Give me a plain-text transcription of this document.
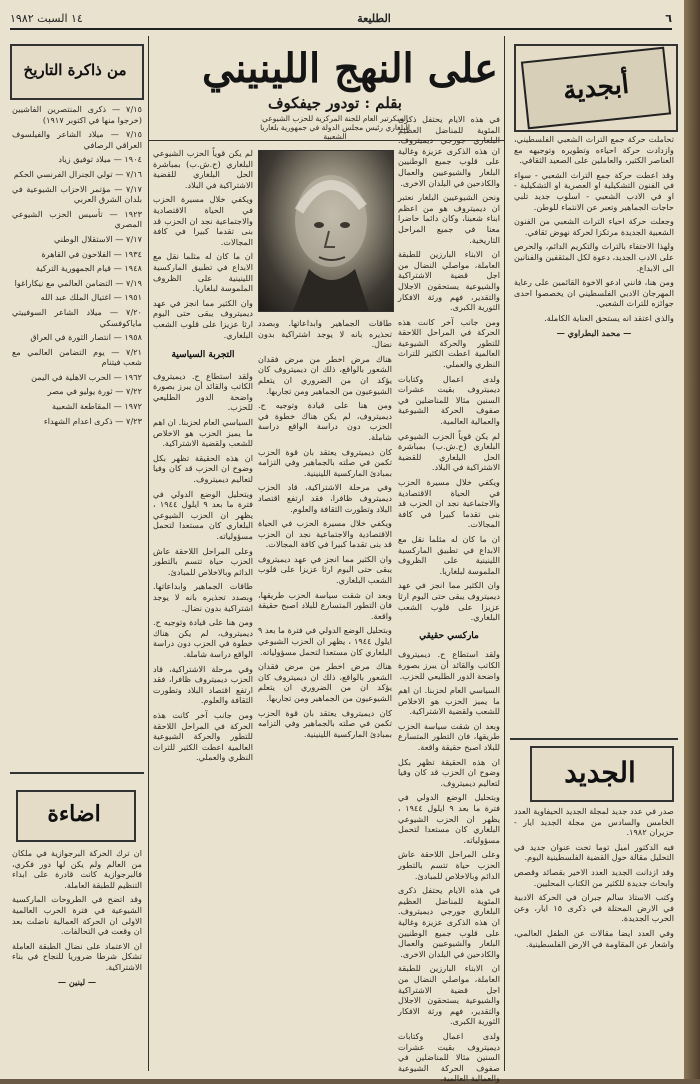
٦
الطليعة
١٤ السبت ١٩٨٢
أبجدية

تحاملت حركة جمع التراث الشعبي الفلسطيني، وازدادت حركة احياءه وتطويره وتوجيهه مع العناصر الكثير، والعاملين على الصعيد الثقافي.

وقد اعطت حركة جمع التراث الشعبي - سواء في الفنون التشكيلية او العصرية او التشكيلية - او في الادب الشعبي - اسلوب جديد تلبي حاجات الجماهير وتعبر عن الانتماء للوطن.

وجعلت حركة احياء التراث الشعبي من الفنون الشعبية الجديدة مرتكزا لحركة نهوض ثقافي.

ولهذا الاحتفاء بالتراث والتكريم الدائم، والحرص على الادب الجديد، دعوة لكل المثقفين والفنانين الى الابداع.

ومن هنا، فانني ادعو الاخوة القائمين على رعاية المهرجان الادبي الفلسطيني ان يخصصوا احدى جوائزه للتراث الشعبي.

والذي اعتقد انه يستحق العناية الكاملة.

— محمد البطراوي —

الجديد

صدر في عدد جديد لمجلة الجديد الحيفاوية العدد الخامس والسادس من مجلة الجديد ايار - حزيران ١٩٨٢.

فيه الدكتور اميل توما تحت عنوان جديد في التحليل مقالة حول القضية الفلسطينية اليوم.

وقد ازدانت الجديد العدد الاخير بقصائد وقصص وابحاث جديدة للكثير من الكتاب المحليين.

وكتب الاستاذ سالم جبران في الحركة الادبية في الارض المحتلة في ذكرى ١٥ ايار، وعن الحرب الجديدة.

وفي العدد ايضا مقالات عن الطفل العالمي، واشعار عن المقاومة في الارض الفلسطينية.

على النهج اللينيني
بقلم : تودور جيفكوف
السكرتير العام للجنة المركزية للحزب الشيوعي البلغاري رئيس مجلس الدولة في جمهورية بلغاريا الشعبية

في هذه الايام يحتفل ذكرى المئوية للمناضل العظيم البلغاري جورجي ديميتروف. ان هذه الذكرى عزيزة وغالية على قلوب جميع الوطنيين البلغار والشيوعيين والعمال والكادحين في البلدان الاخرى.

ونحن الشيوعيين البلغار نعتبر ان ديميتروف هو من اعظم ابناء شعبنا، وكان دائما حاضرا معنا في جميع المراحل التاريخية.

ان الابناء البارزين للطبقة العاملة، مواصلي النضال من اجل قضية الاشتراكية والشيوعية يستحقون الاجلال والتقدير، فهم ورثة الافكار الثورية الكبرى.

ومن جانب آخر كانت هذه الحركة في المراحل اللاحقة للتطور والحركة الشيوعية العالمية اعطت الكثير للتراث النظري والعملي.

ولدى اعمال وكتابات ديميتروف بقيت عشرات السنين مثالا للمناضلين في صفوف الحركة الشيوعية والعمالية العالمية.

لم يكن قوياً الحزب الشيوعي البلغاري (ح.ش.ب) بمباشرة الحل البلغاري للقضية الاشتراكية في البلاد.

ويكفي خلال مسيرة الحزب في الحياة الاقتصادية والاجتماعية نجد ان الحزب قد بنى تقدما كبيرا في كافة المجالات.

ان ما كان له مثلما نقل مع الابداع في تطبيق الماركسية اللينينية على الظروف الملموسة لبلغاريا.

وان الكثير مما انجز في عهد ديميتروف يبقى حتى اليوم ارثا عزيزا على قلوب الشعب البلغاري.

ماركسي حقيقي

ولقد استطاع ح. ديميتروف الكاتب والقائد أن يبرز بصورة واضحة الدور الطليعي للحزب.

السياسي العام لحزبنا. ان اهم ما يميز الحزب هو الاخلاص للشعب ولقضية الاشتراكية.

وبعد ان شقت سياسة الحزب طريقها، فان التطور المتسارع للبلاد اصبح حقيقة واقعة.

ان هذه الحقيقة تظهر بكل وضوح ان الحزب قد كان وفيا لتعاليم ديميتروف.

وبتحليل الوضع الدولي في فترة ما بعد ٩ ايلول ١٩٤٤ ، يظهر ان الحزب الشيوعي البلغاري كان مستعدا لتحمل مسؤولياته.

وعلى المراحل اللاحقة عاش الحزب حياة تتسم بالتطور الدائم وبالاخلاص للمبادئ.

في هذه الايام يحتفل ذكرى المئوية للمناضل العظيم البلغاري جورجي ديميتروف. ان هذه الذكرى عزيزة وغالية على قلوب جميع الوطنيين البلغار والشيوعيين والعمال والكادحين في البلدان الاخرى.

ان الابناء البارزين للطبقة العاملة، مواصلي النضال من اجل قضية الاشتراكية والشيوعية يستحقون الاجلال والتقدير، فهم ورثة الافكار الثورية الكبرى.

ولدى اعمال وكتابات ديميتروف بقيت عشرات السنين مثالا للمناضلين في صفوف الحركة الشيوعية والعمالية العالمية.

طاقات الجماهير وابداعاتها. وبصدد تحذيره بانه لا يوجد اشتراكية بدون نضال.

هناك مرض اخطر من مرض فقدان الشعور بالواقع، ذلك ان ديميتروف كان يؤكد ان من الضروري ان يتعلم الشيوعيون من الجماهير ومن تجاربها.

ومن هنا على قيادة وتوجيه ح. ديميتروف، لم يكن هناك خطوة في الحزب دون دراسة الواقع دراسة شاملة.

كان ديميتروف يعتقد بان قوة الحزب تكمن في صلته بالجماهير وفي التزامه بمبادئ الماركسية اللينينية.

وفي مرحلة الاشتراكية، قاد الحزب ديميتروف ظافرا، فقد ارتفع اقتصاد البلاد وتطورت الثقافة والعلوم.

ويكفي خلال مسيرة الحزب في الحياة الاقتصادية والاجتماعية نجد ان الحزب قد بنى تقدما كبيرا في كافة المجالات.

وان الكثير مما انجز في عهد ديميتروف يبقى حتى اليوم ارثا عزيزا على قلوب الشعب البلغاري.

وبعد ان شقت سياسة الحزب طريقها، فان التطور المتسارع للبلاد اصبح حقيقة واقعة.

وبتحليل الوضع الدولي في فترة ما بعد ٩ ايلول ١٩٤٤ ، يظهر ان الحزب الشيوعي البلغاري كان مستعدا لتحمل مسؤولياته.

هناك مرض اخطر من مرض فقدان الشعور بالواقع، ذلك ان ديميتروف كان يؤكد ان من الضروري ان يتعلم الشيوعيون من الجماهير ومن تجاربها.

كان ديميتروف يعتقد بان قوة الحزب تكمن في صلته بالجماهير وفي التزامه بمبادئ الماركسية اللينينية.

لم يكن قوياً الحزب الشيوعي البلغاري (ح.ش.ب) بمباشرة الحل البلغاري للقضية الاشتراكية في البلاد.

ويكفي خلال مسيرة الحزب في الحياة الاقتصادية والاجتماعية نجد ان الحزب قد بنى تقدما كبيرا في كافة المجالات.

ان ما كان له مثلما نقل مع الابداع في تطبيق الماركسية اللينينية على الظروف الملموسة لبلغاريا.

وان الكثير مما انجز في عهد ديميتروف يبقى حتى اليوم ارثا عزيزا على قلوب الشعب البلغاري.

التجربة السياسية

ولقد استطاع ح. ديميتروف الكاتب والقائد أن يبرز بصورة واضحة الدور الطليعي للحزب.

السياسي العام لحزبنا. ان اهم ما يميز الحزب هو الاخلاص للشعب ولقضية الاشتراكية.

ان هذه الحقيقة تظهر بكل وضوح ان الحزب قد كان وفيا لتعاليم ديميتروف.

وبتحليل الوضع الدولي في فترة ما بعد ٩ ايلول ١٩٤٤ ، يظهر ان الحزب الشيوعي البلغاري كان مستعدا لتحمل مسؤولياته.

وعلى المراحل اللاحقة عاش الحزب حياة تتسم بالتطور الدائم وبالاخلاص للمبادئ.

طاقات الجماهير وابداعاتها. وبصدد تحذيره بانه لا يوجد اشتراكية بدون نضال.

ومن هنا على قيادة وتوجيه ح. ديميتروف، لم يكن هناك خطوة في الحزب دون دراسة الواقع دراسة شاملة.

وفي مرحلة الاشتراكية، قاد الحزب ديميتروف ظافرا، فقد ارتفع اقتصاد البلاد وتطورت الثقافة والعلوم.

ومن جانب آخر كانت هذه الحركة في المراحل اللاحقة للتطور والحركة الشيوعية العالمية اعطت الكثير للتراث النظري والعملي.

من ذاكرة التاريخ

٧/١٥ — ذكرى المنتصرين الفاشيين (خرجوا منها في اكتوبر ١٩١٧)

٧/١٥ — ميلاد الشاعر والفيلسوف العراقي الرصافي

١٩٠٤ — ميلاد توفيق زياد

٧/١٦ — تولي الجنرال الفرنسي الحكم

٧/١٧ — مؤتمر الاحزاب الشيوعية في بلدان الشرق العربي

١٩٢٣ — تأسيس الحزب الشيوعي المصري

٧/١٧ — الاستقلال الوطني

١٩٣٤ — الفلاحون في القاهرة

١٩٤٨ — قيام الجمهورية التركية

٧/١٩ — التضامن العالمي مع نيكاراغوا

١٩٥١ — اغتيال الملك عبد الله

٧/٢٠ — ميلاد الشاعر السوفييتي ماياكوفسكي

١٩٥٨ — انتصار الثورة في العراق

٧/٢١ — يوم التضامن العالمي مع شعب فيتنام

١٩٦٢ — الحرب الاهلية في اليمن

٧/٢٢ — ثورة يوليو في مصر

١٩٧٢ — المقاطعة الشعبية

٧/٢٣ — ذكرى اعدام الشهداء

اضاءة

ان ترك الحركة البرجوازية في ملكان من العالم ولم يكن لها دور فكري، فالبرجوازية كانت قادرة على ابداء التنظيم للطبقة العاملة.

وقد اتضح في الطروحات الماركسية الشيوعية في فترة الحرب العالمية الاولى ان الحركة العمالية ناضلت بعد ان وقعت في التحالفات.

ان الاعتماد على نضال الطبقة العاملة تشكل شرطا ضروريا للنجاح في بناء الاشتراكية.

— لينين —
